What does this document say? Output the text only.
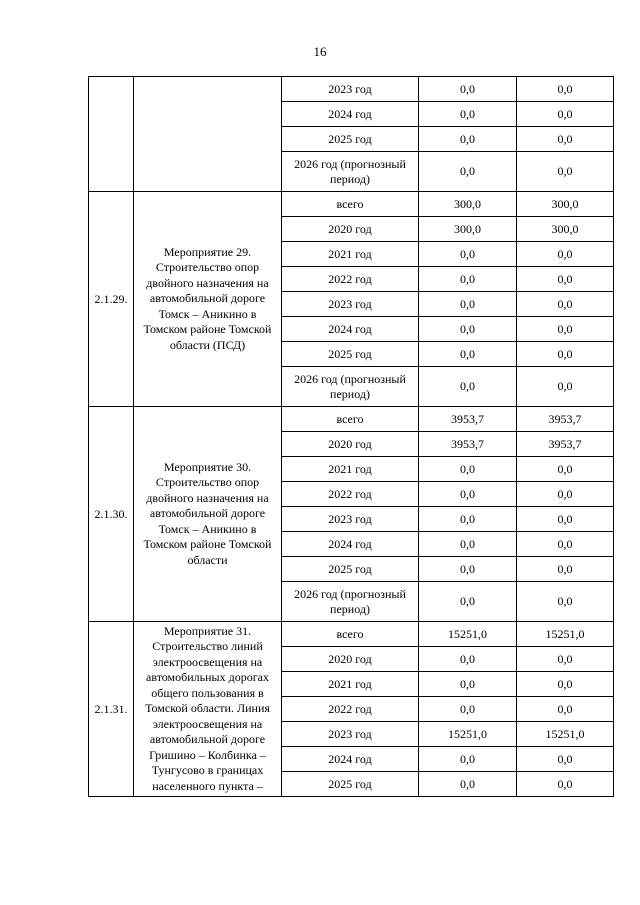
16
		2023 год	0,0	0,0
		2024 год	0,0	0,0
		2025 год	0,0	0,0
		2026 год (прогнозный период)	0,0	0,0
2.1.29.	Мероприятие 29. Строительство опор двойного назначения на автомобильной дороге Томск – Аникино в Томском районе Томской области (ПСД)	всего	300,0	300,0
		2020 год	300,0	300,0
		2021 год	0,0	0,0
		2022 год	0,0	0,0
		2023 год	0,0	0,0
		2024 год	0,0	0,0
		2025 год	0,0	0,0
		2026 год (прогнозный период)	0,0	0,0
2.1.30.	Мероприятие 30. Строительство опор двойного назначения на автомобильной дороге Томск – Аникино в Томском районе Томской области	всего	3953,7	3953,7
		2020 год	3953,7	3953,7
		2021 год	0,0	0,0
		2022 год	0,0	0,0
		2023 год	0,0	0,0
		2024 год	0,0	0,0
		2025 год	0,0	0,0
		2026 год (прогнозный период)	0,0	0,0
2.1.31.	Мероприятие 31. Строительство линий электроосвещения на автомобильных дорогах общего пользования в Томской области. Линия электроосвещения на автомобильной дороге Гришино – Колбинка – Тунгусово в границах населенного пункта –	всего	15251,0	15251,0
		2020 год	0,0	0,0
		2021 год	0,0	0,0
		2022 год	0,0	0,0
		2023 год	15251,0	15251,0
		2024 год	0,0	0,0
		2025 год	0,0	0,0
